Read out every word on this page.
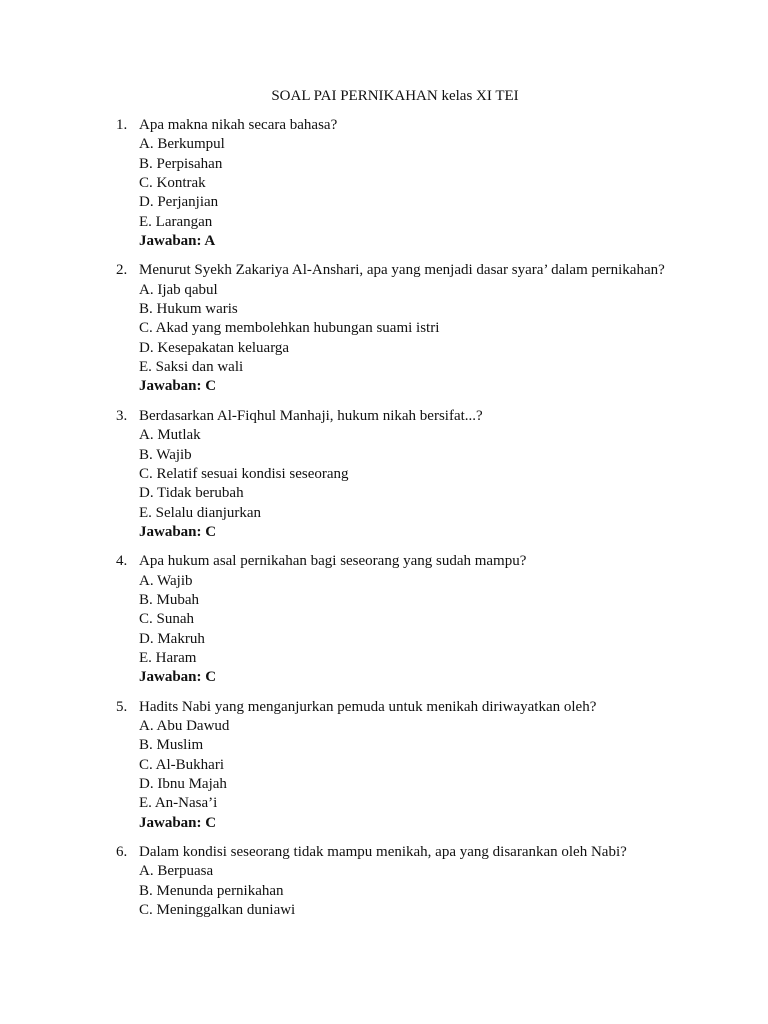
SOAL PAI PERNIKAHAN kelas XI TEI
1. Apa makna nikah secara bahasa?
A. Berkumpul
B. Perpisahan
C. Kontrak
D. Perjanjian
E. Larangan
Jawaban: A
2. Menurut Syekh Zakariya Al-Anshari, apa yang menjadi dasar syara’ dalam pernikahan?
A. Ijab qabul
B. Hukum waris
C. Akad yang membolehkan hubungan suami istri
D. Kesepakatan keluarga
E. Saksi dan wali
Jawaban: C
3. Berdasarkan Al-Fiqhul Manhaji, hukum nikah bersifat...?
A. Mutlak
B. Wajib
C. Relatif sesuai kondisi seseorang
D. Tidak berubah
E. Selalu dianjurkan
Jawaban: C
4. Apa hukum asal pernikahan bagi seseorang yang sudah mampu?
A. Wajib
B. Mubah
C. Sunah
D. Makruh
E. Haram
Jawaban: C
5. Hadits Nabi yang menganjurkan pemuda untuk menikah diriwayatkan oleh?
A. Abu Dawud
B. Muslim
C. Al-Bukhari
D. Ibnu Majah
E. An-Nasa’i
Jawaban: C
6. Dalam kondisi seseorang tidak mampu menikah, apa yang disarankan oleh Nabi?
A. Berpuasa
B. Menunda pernikahan
C. Meninggalkan duniawi
